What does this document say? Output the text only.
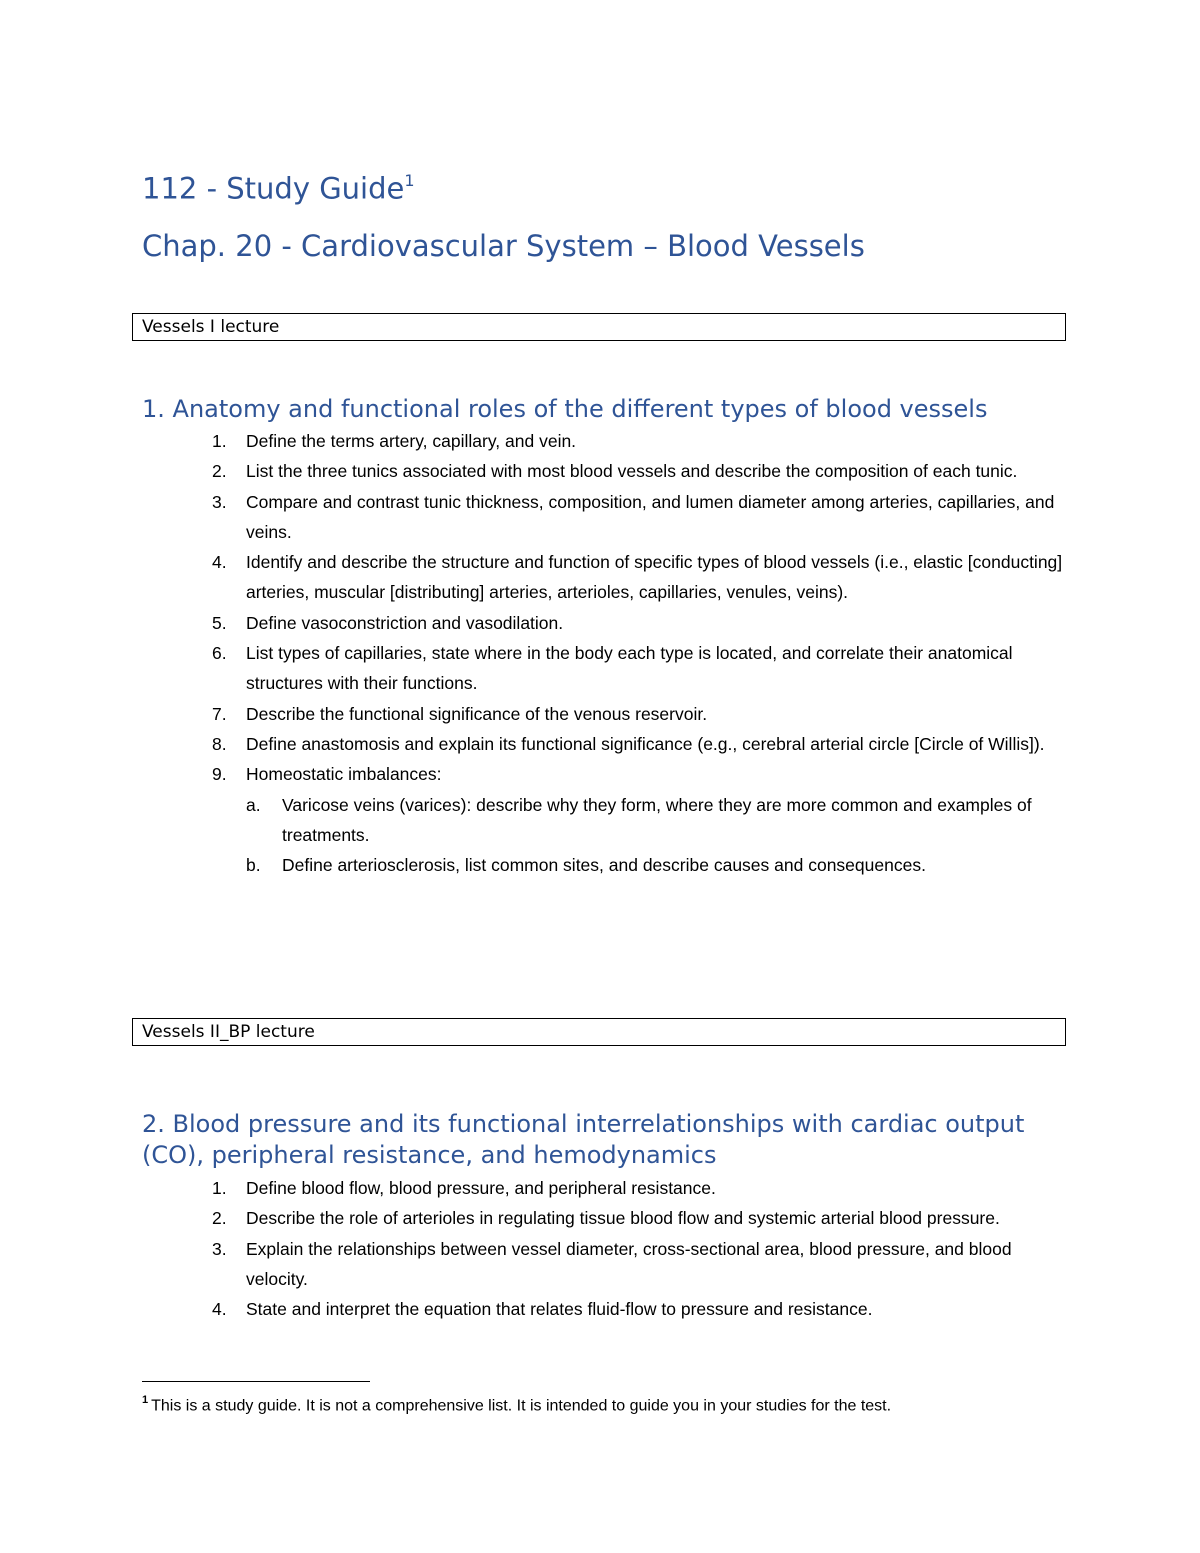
112 - Study Guide$^1$
Chap. 20 - Cardiovascular System – Blood Vessels
Vessels I lecture
1. Anatomy and functional roles of the different types of blood vessels
1. Define the terms artery, capillary, and vein.
2. List the three tunics associated with most blood vessels and describe the composition of each tunic.
3. Compare and contrast tunic thickness, composition, and lumen diameter among arteries, capillaries, and veins.
4. Identify and describe the structure and function of specific types of blood vessels (i.e., elastic [conducting] arteries, muscular [distributing] arteries, arterioles, capillaries, venules, veins).
5. Define vasoconstriction and vasodilation.
6. List types of capillaries, state where in the body each type is located, and correlate their anatomical structures with their functions.
7. Describe the functional significance of the venous reservoir.
8. Define anastomosis and explain its functional significance (e.g., cerebral arterial circle [Circle of Willis]).
9. Homeostatic imbalances:
a. Varicose veins (varices): describe why they form, where they are more common and examples of treatments.
b. Define arteriosclerosis, list common sites, and describe causes and consequences.
Vessels II_BP lecture
2. Blood pressure and its functional interrelationships with cardiac output (CO), peripheral resistance, and hemodynamics
1. Define blood flow, blood pressure, and peripheral resistance.
2. Describe the role of arterioles in regulating tissue blood flow and systemic arterial blood pressure.
3. Explain the relationships between vessel diameter, cross-sectional area, blood pressure, and blood velocity.
4. State and interpret the equation that relates fluid-flow to pressure and resistance.
$^1$ This is a study guide. It is not a comprehensive list. It is intended to guide you in your studies for the test.
